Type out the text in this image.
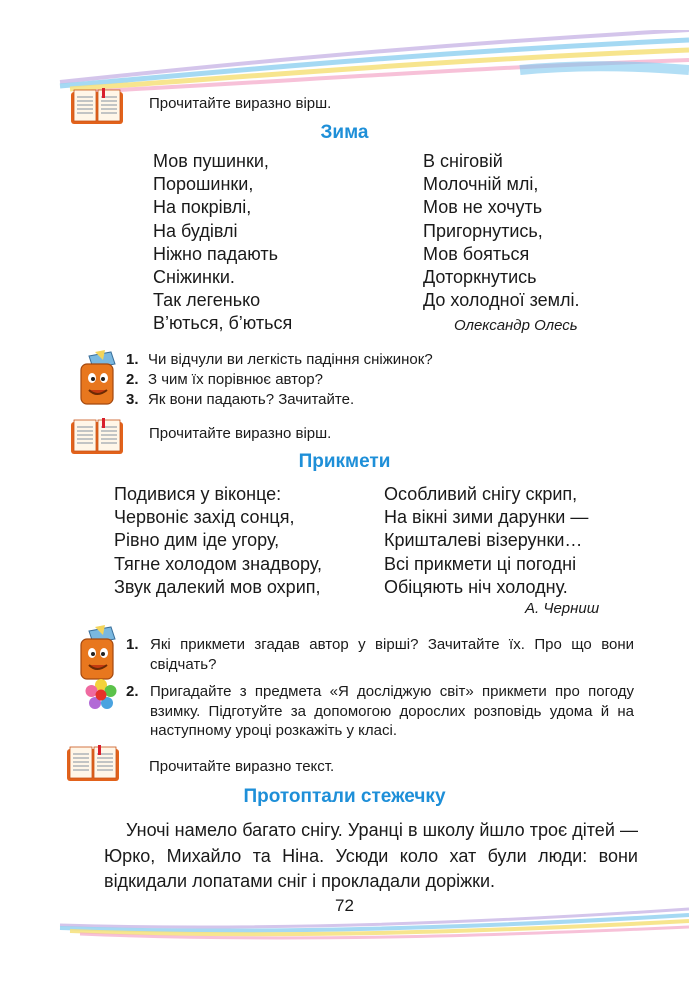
Прочитайте виразно вірш.
Зима
Мов пушинки,
Порошинки,
На покрівлі,
На будівлі
Ніжно падають
Сніжинки.
Так легенько
В’ються, б’ються
В сніговій
Молочній млі,
Мов не хочуть
Пригорнутись,
Мов бояться
Доторкнутись
До холодної землі.
Олександр Олесь
1. Чи відчули ви легкість падіння сніжинок?
2. З чим їх порівнює автор?
3. Як вони падають? Зачитайте.
Прочитайте виразно вірш.
Прикмети
Подивися у віконце:
Червоніє захід сонця,
Рівно дим іде угору,
Тягне холодом знадвору,
Звук далекий мов охрип,
Особливий снігу скрип,
На вікні зими дарунки —
Кришталеві візерунки…
Всі прикмети ці погодні
Обіцяють ніч холодну.
А. Черниш
1. Які прикмети згадав автор у вірші? Зачитайте їх. Про що вони свідчать?
2. Пригадайте з предмета «Я досліджую світ» прикмети про погоду взимку. Підготуйте за допомогою дорослих розповідь удома й на наступному уроці розкажіть у класі.
Прочитайте виразно текст.
Протоптали стежечку

Уночі намело багато снігу. Уранці в школу йшло троє дітей — Юрко, Михайло та Ніна. Усюди коло хат були люди: вони відкидали лопатами сніг і прокладали доріжки.

72
